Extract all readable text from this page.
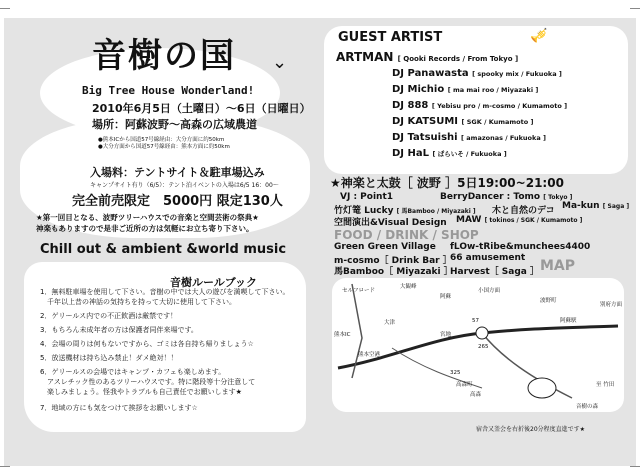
音樹の国 ⌄
Big Tree House Wonderland!
2010年6月5日（土曜日）～6日（日曜日）
場所：阿蘇波野～高森の広域農道
●熊本ICから国道57号線経由：大分方面に約50km
●大分方面から国道57号線経由：熊本方面に約50km
入場料：テントサイト＆駐車場込み
キャンプサイト有り（6/5）：テント泊イベントの入場は6/5 16：00～
完全前売限定　5000円 限定130人
★第一回目となる、波野ツリーハウスでの音楽と空間芸術の祭典★
神楽もありますので是非ご近所の方は気軽にお立ち寄り下さい。
Chill out & ambient &world music
音樹ルールブック
1．無料駐車場を使用して下さい。音樹の中では大人の遊びを満喫して下さい。
　千年以上昔の神話の気持ちを持って大切に使用して下さい。
2．ゲリールス内での不正飲酒は厳禁です！
3．もちろん未成年者の方は保護者同伴来場です。
4．会場の周りは何もないですから、ゴミは各自持ち帰りましょう☆
5．放送機材は持ち込み禁止！ダメ絶対！！
6．ゲリールスの会場ではキャンプ・カフェも楽しめます。
　アスレチック性のあるツリーハウスです。特に階段等十分注意して
　楽しみましょう。怪我やトラブルも自己責任でお願いします★
7．地域の方にも気をつけて挨拶をお願いします☆
GUEST ARTIST	🎺
ARTMAN [ Qooki Records / From Tokyo ]
DJ Panawasta [ spooky mix / Fukuoka ]
DJ Michio [ ma mai roo / Miyazaki ]
DJ 888 [ Yebisu pro / m-cosmo / Kumamoto ]
DJ KATSUMI [ SGK / Kumamoto ]
DJ Tatsuishi [ amazonas / Fukuoka ]
DJ HaL [ ぱらいそ / Fukuoka ]
★神楽と太鼓［ 波野 ］5日19:00~21:00
VJ : Point1	BerryDancer : Tomo [ Tokyo ]
竹灯篭 Lucky [ 馬Bamboo / Miyazaki ] 木と自然のデコ Ma-kun [ Saga ]
空間演出&Visual Design MAW [ tokinos / SGK / Kumamoto ]
FOOD / DRINK / SHOP
Green Green Village fLOw-tRibe&munchees4400
m-cosmo［ Drink Bar ］
66 amusement
馬Bamboo［ Miyazaki ］
Harvest［ Saga ］ MAP
セルフロード
大観峰
阿蘇
小国方面
波野町
別府方面
大津
熊本IC	宮地
57
265
325
高森町
熊本空港
高森
音樹の森
至 竹田
阿蘇駅
宿舎又釜会を右折後20分程度直進です★
